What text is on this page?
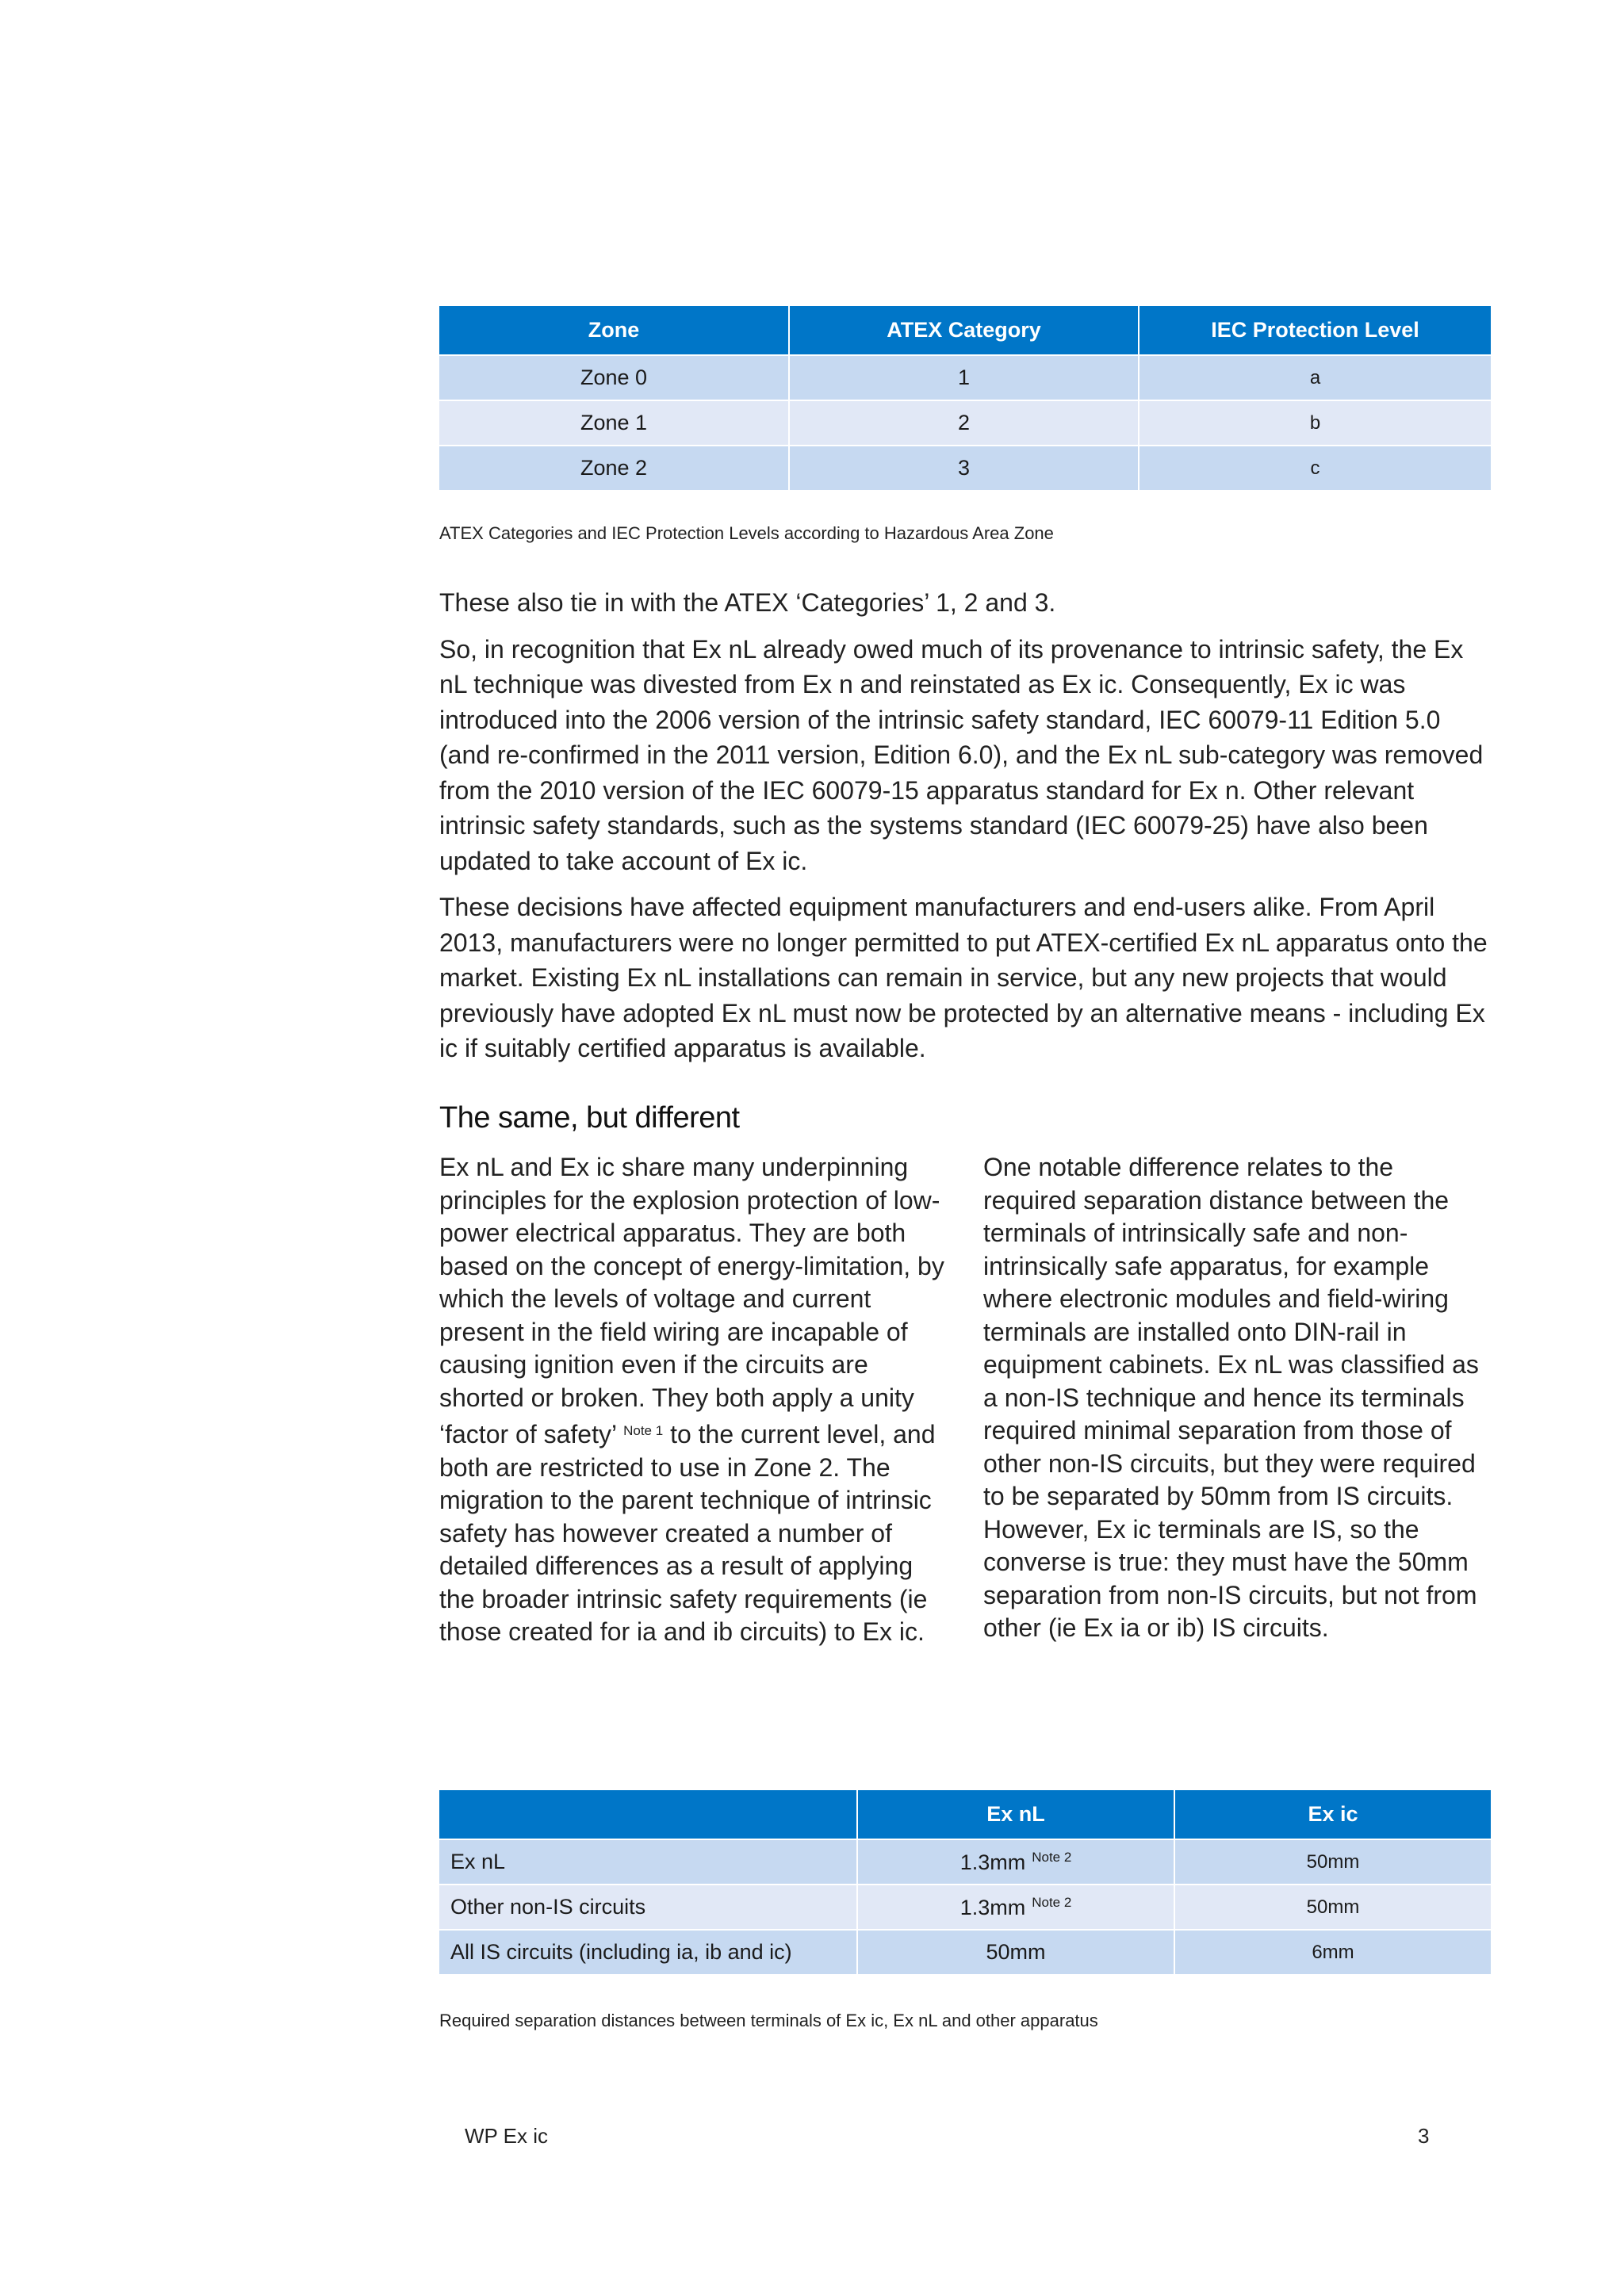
Zone	ATEX Category	IEC Protection Level
Zone 0	1	a
Zone 1	2	b
Zone 2	3	c
ATEX Categories and IEC Protection Levels according to Hazardous Area Zone

These also tie in with the ATEX ‘Categories’ 1, 2 and 3.

So, in recognition that Ex nL already owed much of its provenance to intrinsic safety, the Ex nL technique was divested from Ex n and reinstated as Ex ic. Consequently, Ex ic was introduced into the 2006 version of the intrinsic safety standard, IEC 60079-11 Edition 5.0 (and re-confirmed in the 2011 version, Edition 6.0), and the Ex nL sub-category was removed from the 2010 version of the IEC 60079-15 apparatus standard for Ex n. Other relevant intrinsic safety standards, such as the systems standard (IEC 60079-25) have also been updated to take account of Ex ic.

These decisions have affected equipment manufacturers and end-users alike. From April 2013, manufacturers were no longer permitted to put ATEX-certified Ex nL apparatus onto the market. Existing Ex nL installations can remain in service, but any new projects that would previously have adopted Ex nL must now be protected by an alternative means - including Ex ic if suitably certified apparatus is available.

The same, but different

Ex nL and Ex ic share many underpinning principles for the explosion protection of low-power electrical apparatus. They are both based on the concept of energy-limitation, by which the levels of voltage and current present in the field wiring are incapable of causing ignition even if the circuits are shorted or broken. They both apply a unity ‘factor of safety’ $^{Note 1}$ to the current level, and both are restricted to use in Zone 2. The migration to the parent technique of intrinsic safety has however created a number of detailed differences as a result of applying the broader intrinsic safety requirements (ie those created for ia and ib circuits) to Ex ic.

One notable difference relates to the required separation distance between the terminals of intrinsically safe and non-intrinsically safe apparatus, for example where electronic modules and field-wiring terminals are installed onto DIN-rail in equipment cabinets. Ex nL was classified as a non-IS technique and hence its terminals required minimal separation from those of other non-IS circuits, but they were required to be separated by 50mm from IS circuits. However, Ex ic terminals are IS, so the converse is true: they must have the 50mm separation from non-IS circuits, but not from other (ie Ex ia or ib) IS circuits.

	Ex nL	Ex ic
Ex nL	1.3mm $^{Note 2}$	50mm
Other non-IS circuits	1.3mm $^{Note 2}$	50mm
All IS circuits (including ia, ib and ic)	50mm	6mm
Required separation distances between terminals of Ex ic, Ex nL and other apparatus
WP Ex ic	3
